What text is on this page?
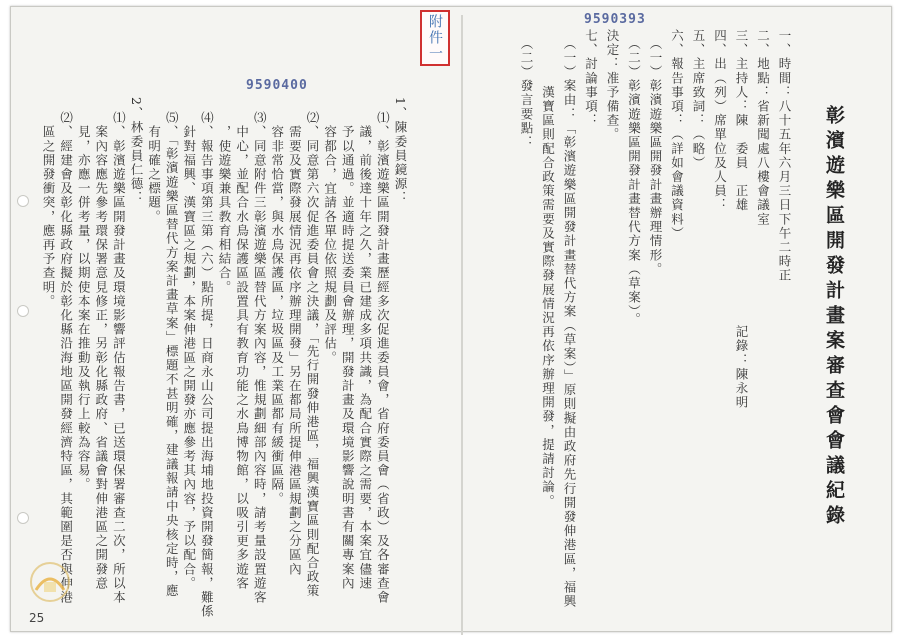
彰濱遊樂區開發計畫案審查會會議紀錄
一、時間：八十五年六月三日下午二時正
二、地點：省新聞處八樓會議室
三、主持人：陳　委員　正雄　　　　　　　　記錄：陳永明
四、出（列）席單位及人員：
五、主席致詞：（略）
六、報告事項：（詳如會議資料）
　（一）彰濱遊樂區開發計畫辦理情形。
　（二）彰濱遊樂區開發計畫替代方案（草案）。
決定：准予備查。
七、討論事項：
　（一）案由：「彰濱遊樂區開發計畫替代方案（草案）」原則擬由政府先行開發伸港區，福興
　　　　漢寶區則配合政策需要及實際發展情況再依序辦理開發，提請討論。
　（二）發言要點：
1、陳委員鏡源：
　⑴、彰濱遊樂區開發計畫歷經多次促進委員會，省府委員會（省政）及各審查會
　　議，前後達十年之久，業已建成多項共識，為配合實際之需要，本案宜儘速
　　予以通過。並適時提送委員會辦理，開發計畫及環境影響說明書有關專案內
　　容都合，宜請各單位依照規劃及評估。
　⑵、同意第六次促進委員會之決議，「先行開發伸港區，福興漢寶區則配合政策
　　需要及實際發展情況再依序辦理開發」另在都局所提伸港區規劃之分區內
　　容非常恰當，與水鳥保護區，垃圾區及工業區都有緩衝區隔。
　⑶、同意附件三彰濱遊樂區替代方案內容，惟規劃細部內容時，請考量設置遊客
　　中心，並配合水鳥保護區設置具有教育功能之水鳥博物館，以吸引更多遊客
　　，使遊樂兼具教育相結合。
　⑷、報告事項第三第（六）點所提，日商永山公司提出海埔地投資開發簡報，難係
　　針對福興、漢寶區之規劃，本案伸港區之開發亦應參考其內容，予以配合。
　⑸、「彰濱遊樂區替代方案計畫草案」標題不甚明確，建議報請中央核定時，應
　　有明確之標題。
2、林委員仁德：
　⑴、彰濱遊樂區開發計畫及環境影響評估報告書，已送環保署審查二次，所以本
　　案內容應先參考環保署意見修正，另彰化縣政府、省議會對伸港區之開發意
　　見，亦應一併考量，以期使本案在推動及執行上較為容易。
　⑵、經建會及彰化縣政府擬於彰化縣沿海地區開發經濟特區，其範圍是否與伸港
　　區之開發衝突，應再予查明。
25
9590393
9590400
附件一
